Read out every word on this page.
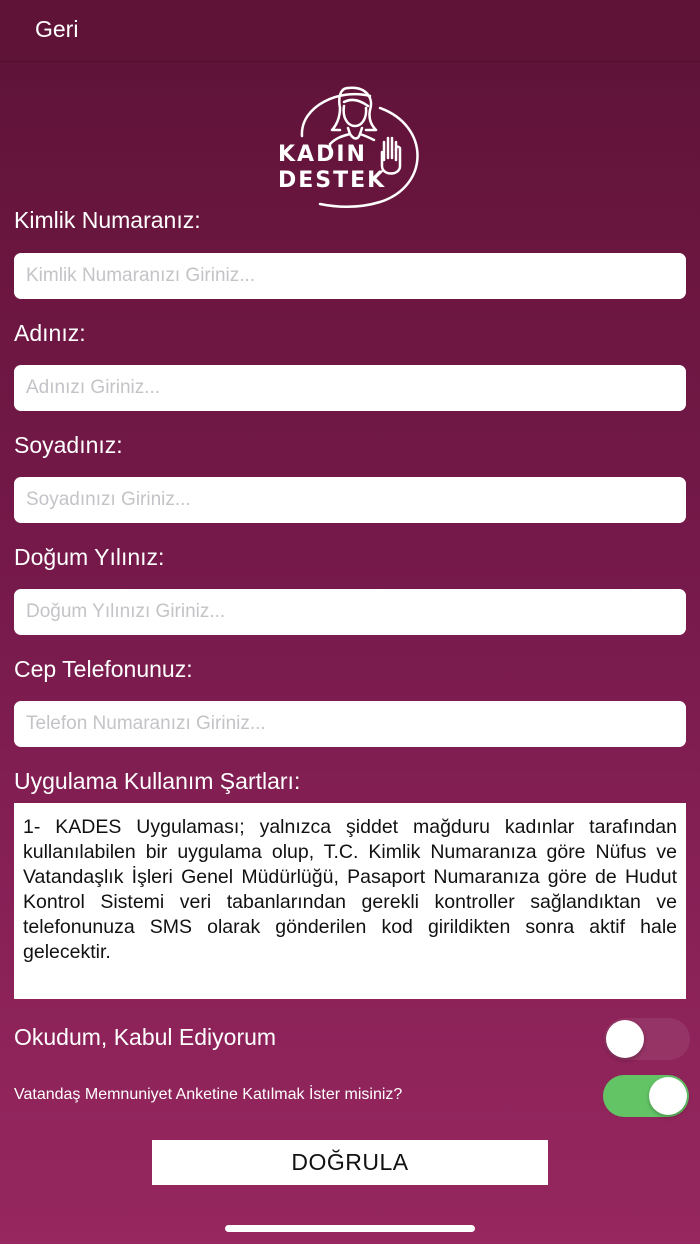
Geri
KADIN
DESTEK
Kimlik Numaranız:
Kimlik Numaranızı Giriniz...
Adınız:
Adınızı Giriniz...
Soyadınız:
Soyadınızı Giriniz...
Doğum Yılınız:
Doğum Yılınızı Giriniz...
Cep Telefonunuz:
Telefon Numaranızı Giriniz...
Uygulama Kullanım Şartları:
1- KADES Uygulaması; yalnızca şiddet mağduru kadınlar tarafından kullanılabilen bir uygulama olup, T.C. Kimlik Numaranıza göre Nüfus ve Vatandaşlık İşleri Genel Müdürlüğü, Pasaport Numaranıza göre de Hudut Kontrol Sistemi veri tabanlarından gerekli kontroller sağlandıktan ve telefonunuza SMS olarak gönderilen kod girildikten sonra aktif hale gelecektir.
Okudum, Kabul Ediyorum
Vatandaş Memnuniyet Anketine Katılmak İster misiniz?
DOĞRULA
